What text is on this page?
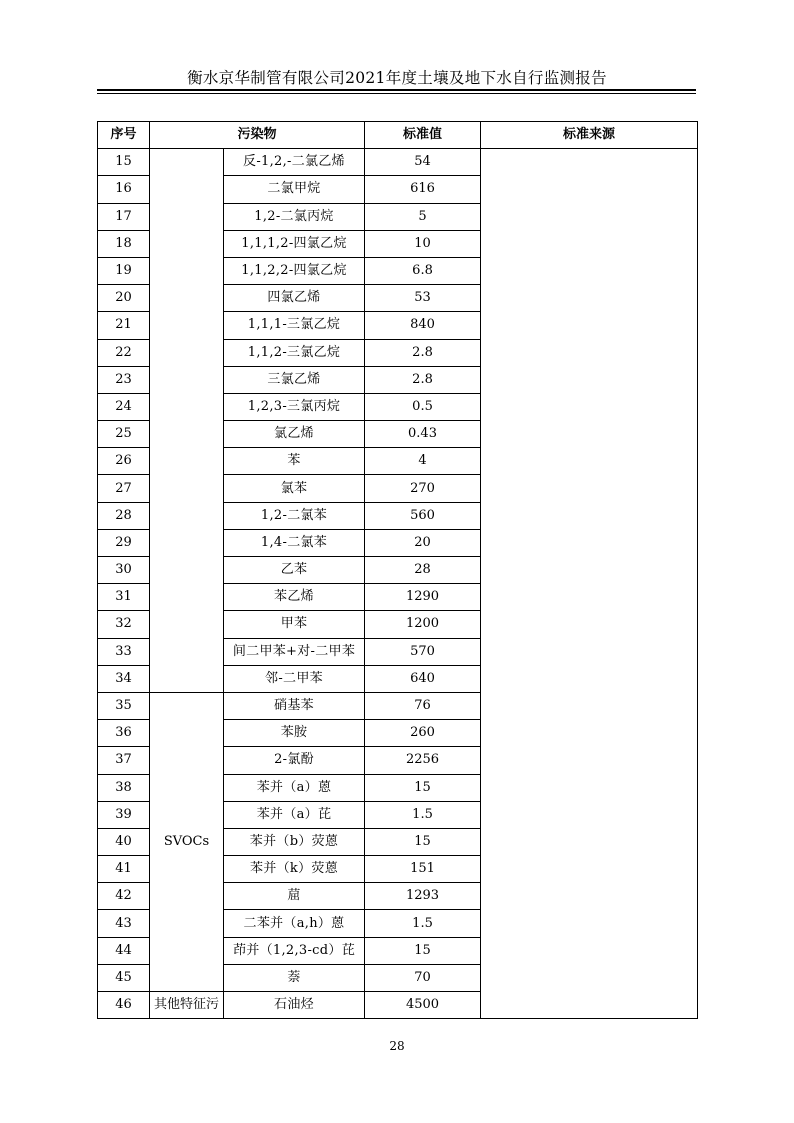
衡水京华制管有限公司2021年度土壤及地下水自行监测报告
序号	污染物		标准值	标准来源
15		反-1,2,-二氯乙烯	54	
16		二氯甲烷	616	
17		1,2-二氯丙烷	5	
18		1,1,1,2-四氯乙烷	10	
19		1,1,2,2-四氯乙烷	6.8	
20		四氯乙烯	53	
21		1,1,1-三氯乙烷	840	
22		1,1,2-三氯乙烷	2.8	
23		三氯乙烯	2.8	
24		1,2,3-三氯丙烷	0.5	
25		氯乙烯	0.43	
26		苯	4	
27		氯苯	270	
28		1,2-二氯苯	560	
29		1,4-二氯苯	20	
30		乙苯	28	
31		苯乙烯	1290	
32		甲苯	1200	
33		间二甲苯+对-二甲苯	570	
34		邻-二甲苯	640	
35	SVOCs	硝基苯	76	
36		苯胺	260	
37		2-氯酚	2256	
38		苯并（a）蒽	15	
39		苯并（a）芘	1.5	
40		苯并（b）荧蒽	15	
41		苯并（k）荧蒽	151	
42		䓛	1293	
43		二苯并（a,h）蒽	1.5	
44		茚并（1,2,3-cd）芘	15	
45		萘	70	
46	其他特征污	石油烃	4500	
28
